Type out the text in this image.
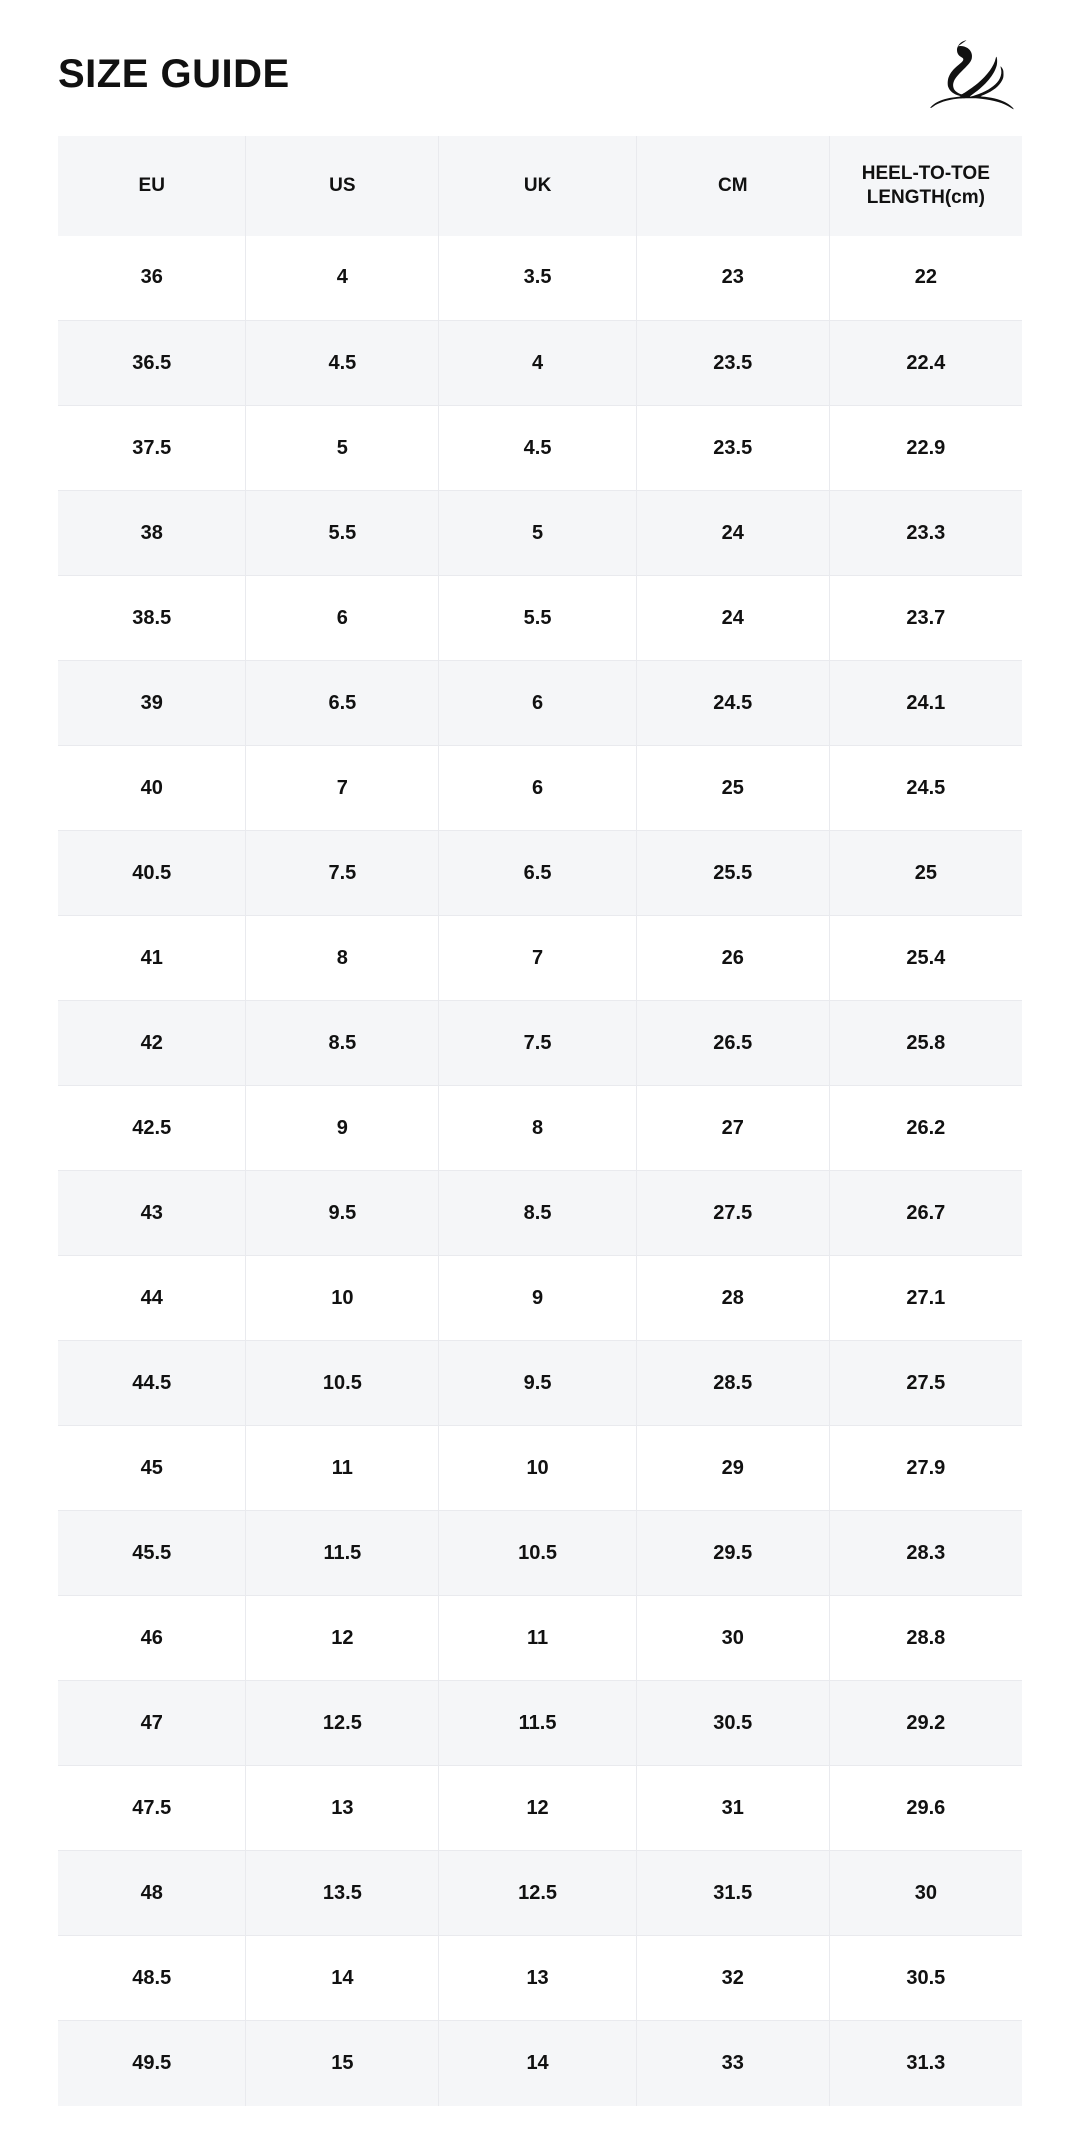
SIZE GUIDE
EU	US	UK	CM	HEEL-TO-TOE LENGTH(cm)
36	4	3.5	23	22
36.5	4.5	4	23.5	22.4
37.5	5	4.5	23.5	22.9
38	5.5	5	24	23.3
38.5	6	5.5	24	23.7
39	6.5	6	24.5	24.1
40	7	6	25	24.5
40.5	7.5	6.5	25.5	25
41	8	7	26	25.4
42	8.5	7.5	26.5	25.8
42.5	9	8	27	26.2
43	9.5	8.5	27.5	26.7
44	10	9	28	27.1
44.5	10.5	9.5	28.5	27.5
45	11	10	29	27.9
45.5	11.5	10.5	29.5	28.3
46	12	11	30	28.8
47	12.5	11.5	30.5	29.2
47.5	13	12	31	29.6
48	13.5	12.5	31.5	30
48.5	14	13	32	30.5
49.5	15	14	33	31.3
